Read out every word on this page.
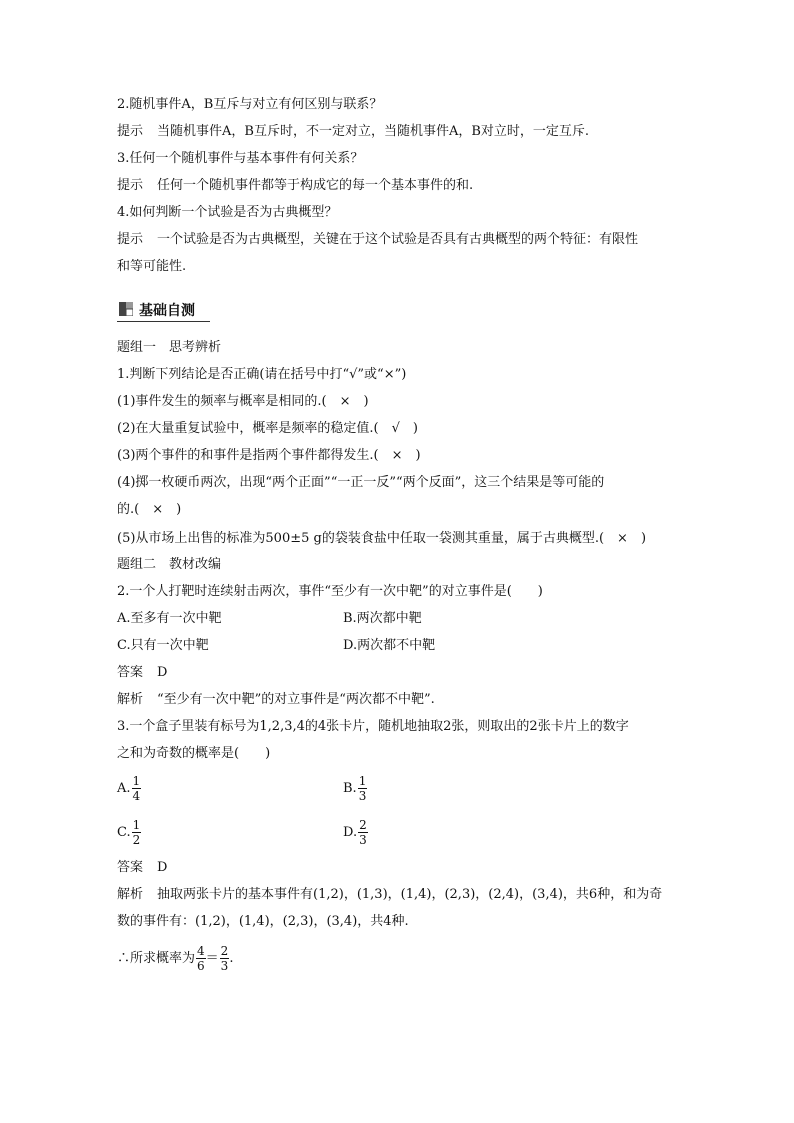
2.随机事件A，B互斥与对立有何区别与联系？
提示 当随机事件A，B互斥时，不一定对立，当随机事件A，B对立时，一定互斥.
3.任何一个随机事件与基本事件有何关系？
提示 任何一个随机事件都等于构成它的每一个基本事件的和.
4.如何判断一个试验是否为古典概型？
提示 一个试验是否为古典概型，关键在于这个试验是否具有古典概型的两个特征：有限性
和等可能性.
基础自测
题组一　思考辨析
1.判断下列结论是否正确(请在括号中打“√”或“×”)
(1)事件发生的频率与概率是相同的.(　×　)
(2)在大量重复试验中，概率是频率的稳定值.(　√　)
(3)两个事件的和事件是指两个事件都得发生.(　×　)
(4)掷一枚硬币两次，出现“两个正面”“一正一反”“两个反面”，这三个结果是等可能的
的.(　×　)
(5)从市场上出售的标准为500±5 g的袋装食盐中任取一袋测其重量，属于古典概型.(　×　)
题组二　教材改编
2.一个人打靶时连续射击两次，事件“至少有一次中靶”的对立事件是(　　)
A.至多有一次中靶	B.两次都中靶
C.只有一次中靶	D.两次都不中靶
答案 D
解析 “至少有一次中靶”的对立事件是“两次都不中靶”.
3.一个盒子里装有标号为1,2,3,4的4张卡片，随机地抽取2张，则取出的2张卡片上的数字
之和为奇数的概率是(　　)
A. $\frac{1}{4}$	B. $\frac{1}{3}$
C. $\frac{1}{2}$	D. $\frac{2}{3}$
答案 D
解析 抽取两张卡片的基本事件有(1,2)，(1,3)，(1,4)，(2,3)，(2,4)，(3,4)，共6种，和为奇
数的事件有：(1,2)，(1,4)，(2,3)，(3,4)，共4种.
∴所求概率为 $\frac{4}{6} = \frac{2}{3}$ .
